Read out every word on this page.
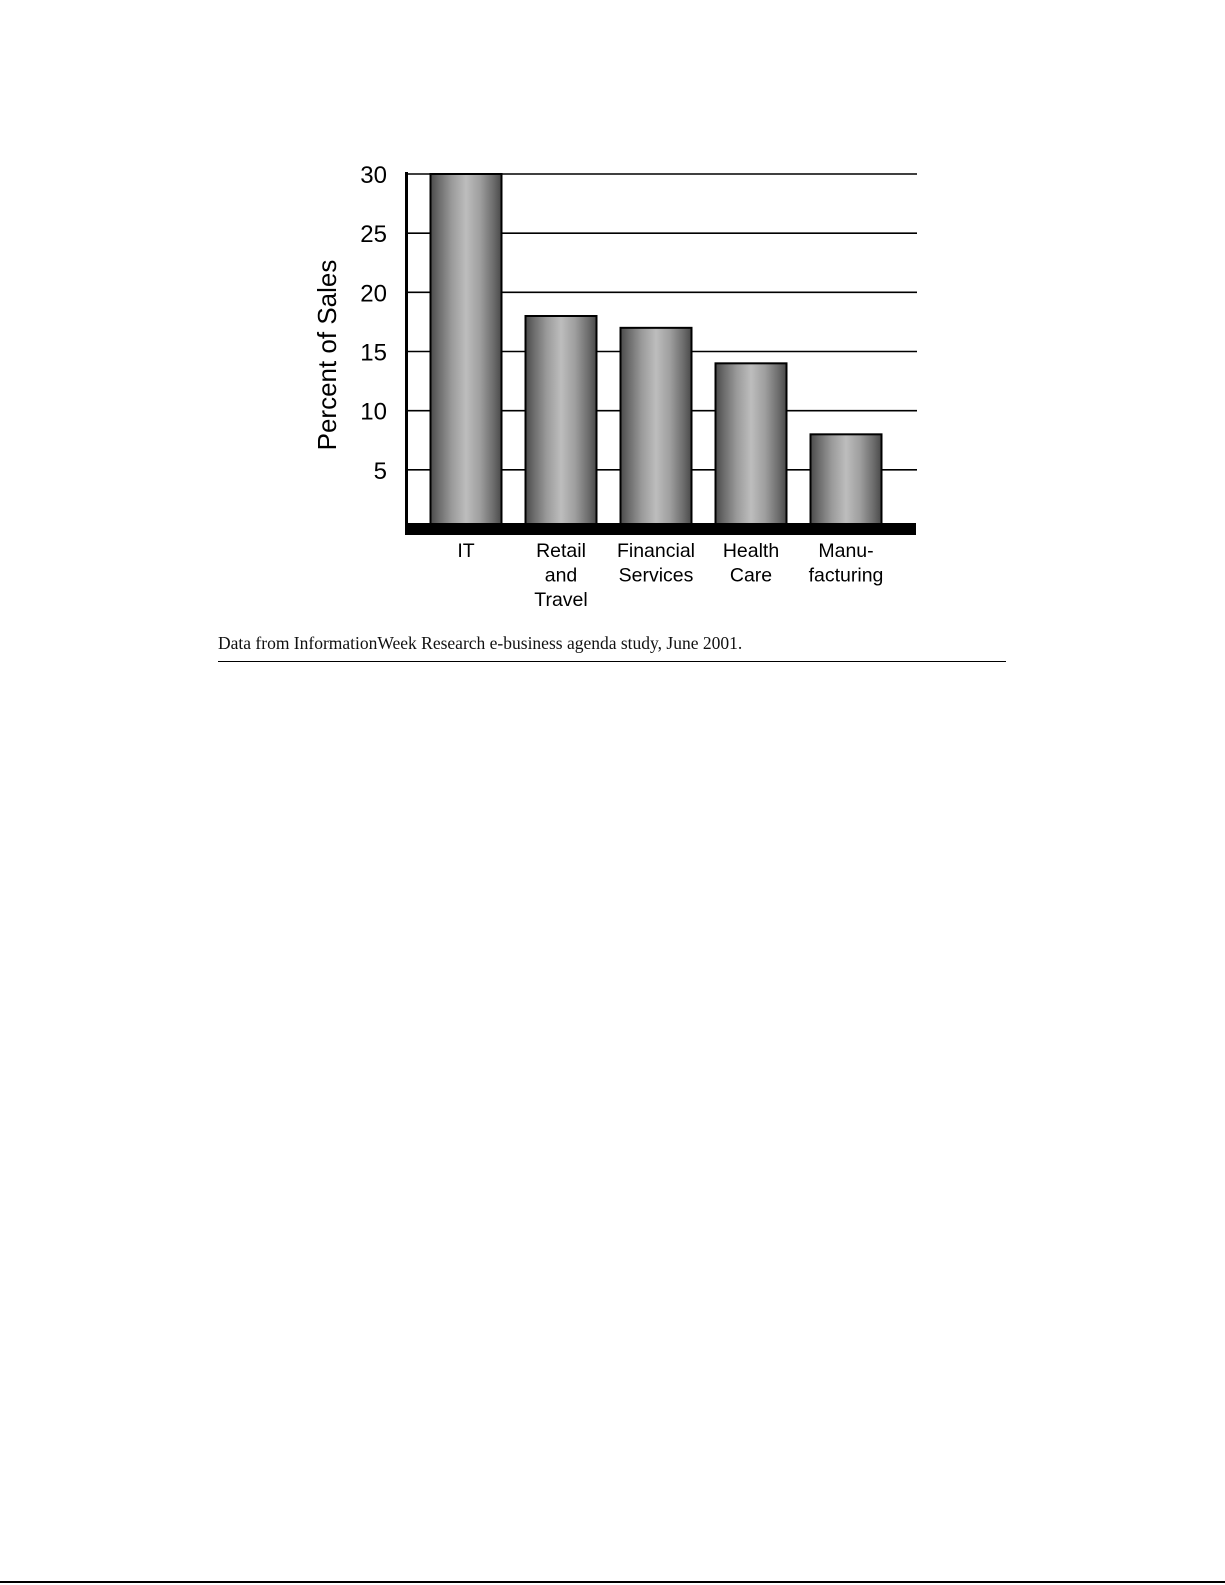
5
10
15
20
25
30
Percent of Sales
IT	Retail and Travel
Financial Services
Health Care
Manu-facturing
Data from InformationWeek Research e-business agenda study, June 2001.
